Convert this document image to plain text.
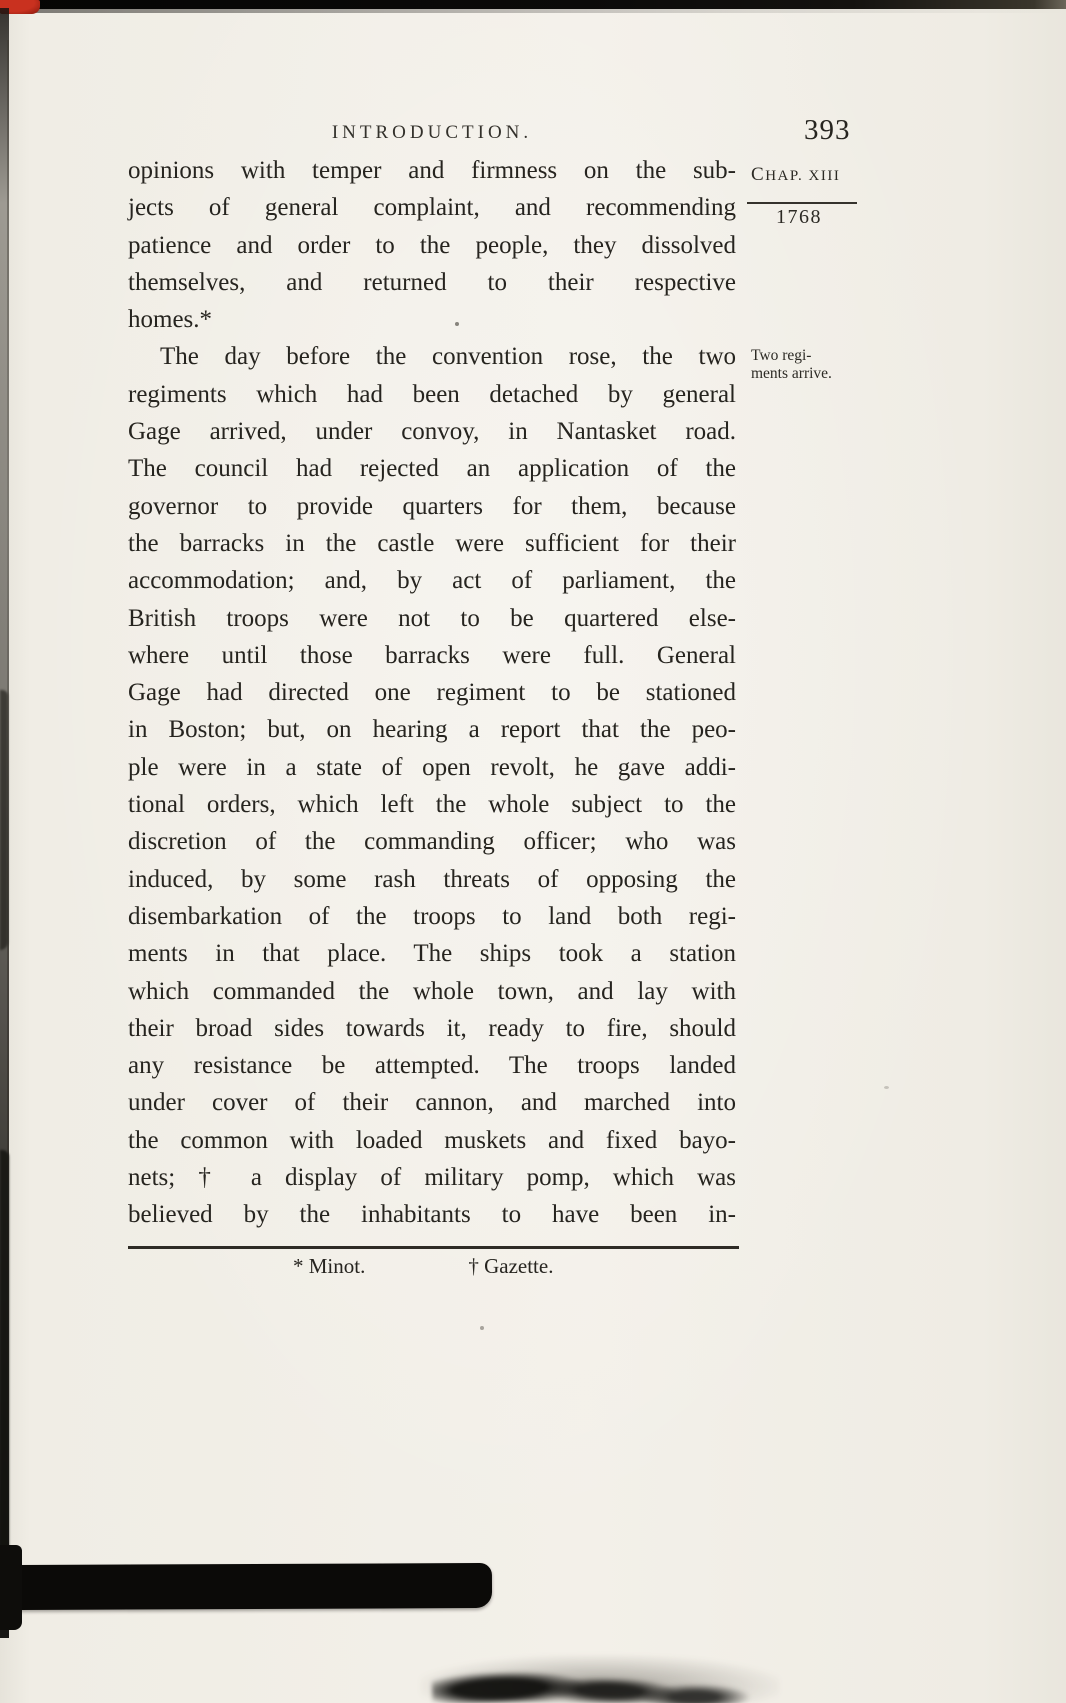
INTRODUCTION.	393
CHAP. XIII
1768
Two regi-
ments arrive.
opinions with temper and firmness on the sub-
jects of general complaint, and recommending
patience and order to the people, they dissolved
themselves, and returned to their respective
homes.*
The day before the convention rose, the two
regiments which had been detached by general
Gage arrived, under convoy, in Nantasket road.
The council had rejected an application of the
governor to provide quarters for them, because
the barracks in the castle were sufficient for their
accommodation; and, by act of parliament, the
British troops were not to be quartered else-
where until those barracks were full. General
Gage had directed one regiment to be stationed
in Boston; but, on hearing a report that the peo-
ple were in a state of open revolt, he gave addi-
tional orders, which left the whole subject to the
discretion of the commanding officer; who was
induced, by some rash threats of opposing the
disembarkation of the troops to land both regi-
ments in that place. The ships took a station
which commanded the whole town, and lay with
their broad sides towards it, ready to fire, should
any resistance be attempted. The troops landed
under cover of their cannon, and marched into
the common with loaded muskets and fixed bayo-
nets; † a display of military pomp, which was
believed by the inhabitants to have been in-
* Minot.	† Gazette.
